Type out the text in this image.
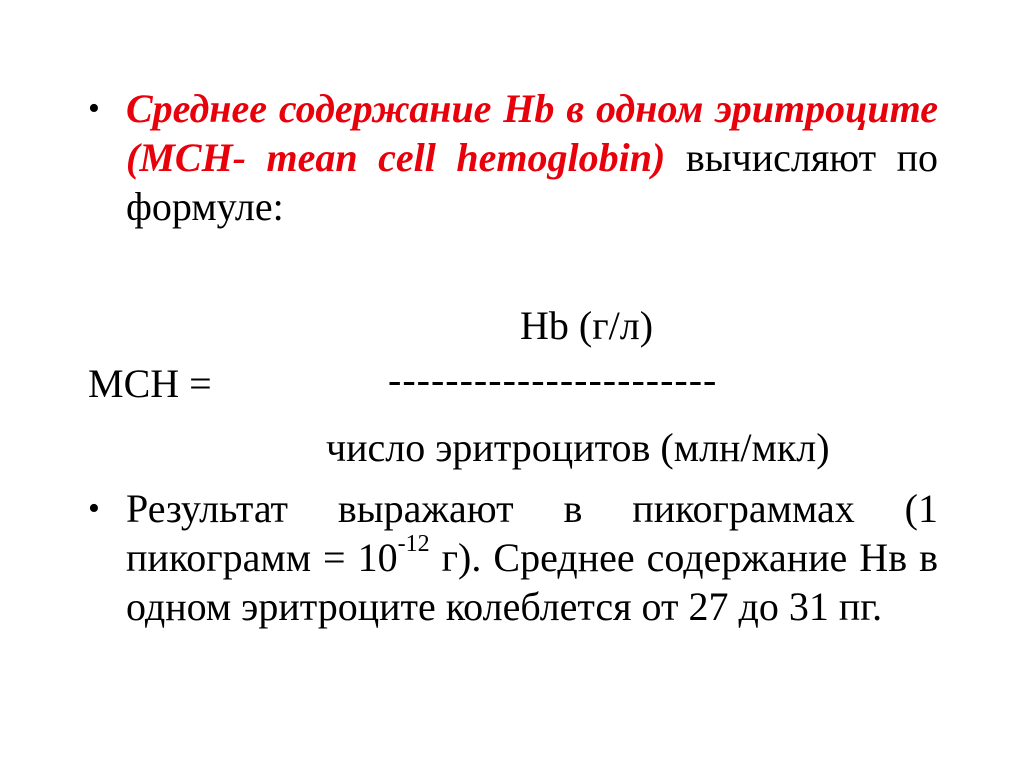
• Среднее содержание Hb в одном эритроците (MCH- mean cell hemoglobin) вычисляют по формуле:
Hb (г/л)
MCH =	-----------------------
число эритроцитов (млн/мкл)
• Результат выражают в пикограммах (1 пикограмм = $10^{-12}$ г). Среднее содержание Нв в одном эритроците колеблется от 27 до 31 пг.
